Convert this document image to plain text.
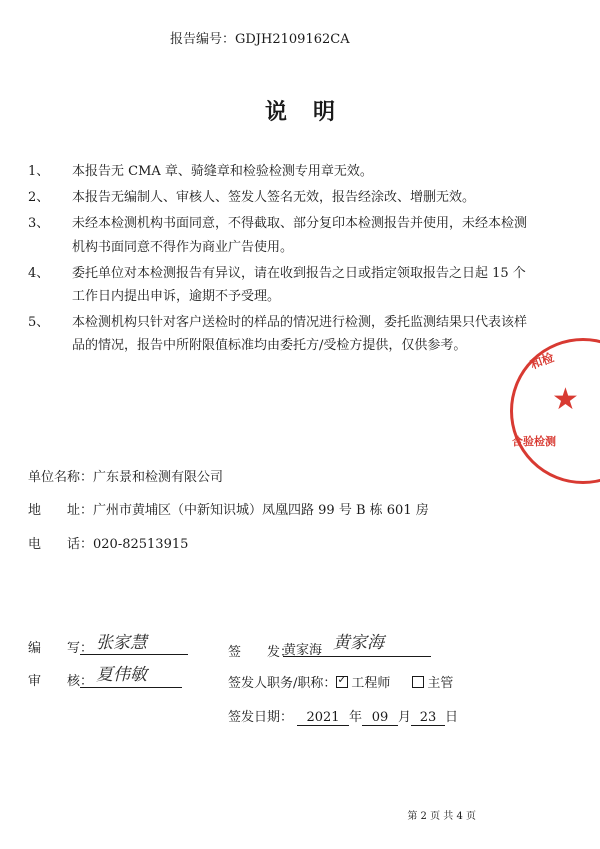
报告编号：GDJH2109162CA
说明
1、 本报告无 CMA 章、骑缝章和检验检测专用章无效。
2、 本报告无编制人、审核人、签发人签名无效，报告经涂改、增删无效。
3、 未经本检测机构书面同意，不得截取、部分复印本检测报告并使用，未经本检测机构书面同意不得作为商业广告使用。
4、 委托单位对本检测报告有异议，请在收到报告之日或指定领取报告之日起 15 个工作日内提出申诉，逾期不予受理。
5、 本检测机构只针对客户送检时的样品的情况进行检测，委托监测结果只代表该样品的情况，报告中所附限值标准均由委托方/受检方提供，仅供参考。
和检
★
合验检测
单位名称：广东景和检测有限公司
地　　址：广州市黄埔区（中新知识城）凤凰四路 99 号 B 栋 601 房
电　　话：020-82513915
编　　写： 张家慧
审　　核： 夏伟敏
签　　发：
黄家海 黄家海
签发人职务/职称：✓ 工程师	主管
签发日期： 2021 年 09 月 23 日
第 2 页 共 4 页
